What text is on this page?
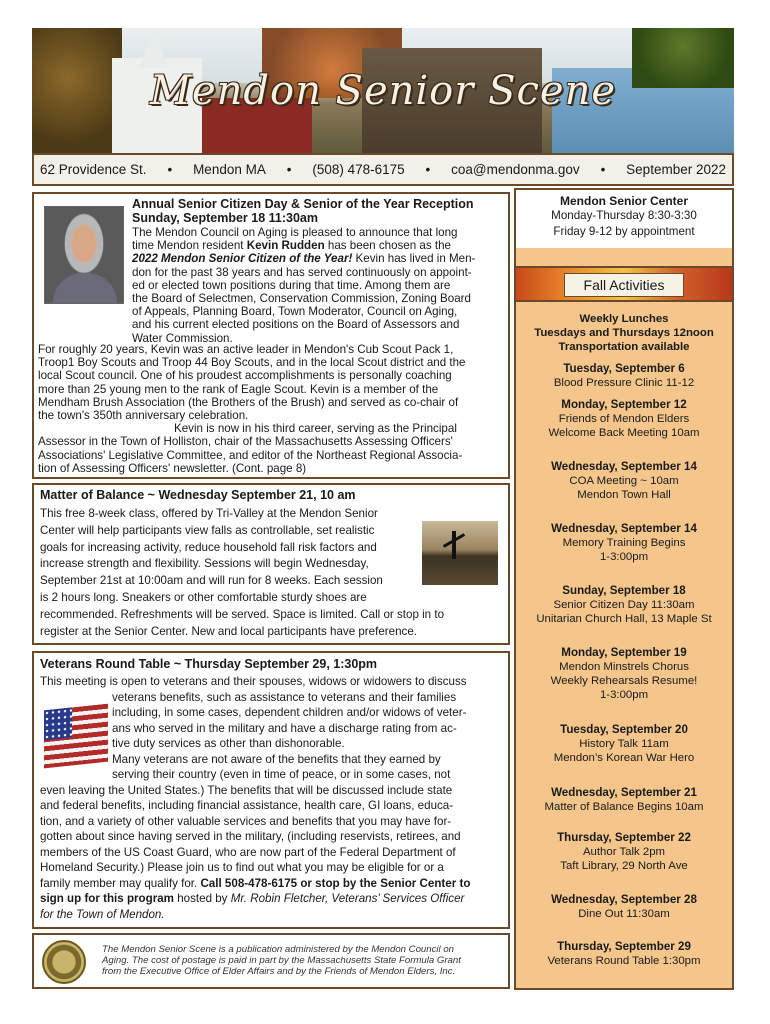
Mendon Senior Scene
62 Providence St. • Mendon MA • (508) 478-6175 • coa@mendonma.gov • September 2022
Annual Senior Citizen Day & Senior of the Year Reception
Sunday, September 18 11:30am
The Mendon Council on Aging is pleased to announce that long
time Mendon resident Kevin Rudden has been chosen as the
2022 Mendon Senior Citizen of the Year! Kevin has lived in Men-
don for the past 38 years and has served continuously on appoint-
ed or elected town positions during that time. Among them are
the Board of Selectmen, Conservation Commission, Zoning Board
of Appeals, Planning Board, Town Moderator, Council on Aging,
and his current elected positions on the Board of Assessors and
Water Commission.
For roughly 20 years, Kevin was an active leader in Mendon's Cub Scout Pack 1,
Troop1 Boy Scouts and Troop 44 Boy Scouts, and in the local Scout district and the
local Scout council. One of his proudest accomplishments is personally coaching
more than 25 young men to the rank of Eagle Scout. Kevin is a member of the
Mendham Brush Association (the Brothers of the Brush) and served as co-chair of
the town's 350th anniversary celebration.
Kevin is now in his third career, serving as the Principal
Assessor in the Town of Holliston, chair of the Massachusetts Assessing Officers'
Associations' Legislative Committee, and editor of the Northeast Regional Associa-
tion of Assessing Officers' newsletter. (Cont. page 8)
Matter of Balance ~ Wednesday September 21, 10 am
This free 8-week class, offered by Tri-Valley at the Mendon Senior
Center will help participants view falls as controllable, set realistic
goals for increasing activity, reduce household fall risk factors and
increase strength and flexibility. Sessions will begin Wednesday,
September 21st at 10:00am and will run for 8 weeks. Each session
is 2 hours long. Sneakers or other comfortable sturdy shoes are
recommended. Refreshments will be served. Space is limited. Call or stop in to
register at the Senior Center. New and local participants have preference.
Veterans Round Table ~ Thursday September 29, 1:30pm
This meeting is open to veterans and their spouses, widows or widowers to discuss
veterans benefits, such as assistance to veterans and their families
including, in some cases, dependent children and/or widows of veter-
ans who served in the military and have a discharge rating from ac-
tive duty services as other than dishonorable.
Many veterans are not aware of the benefits that they earned by
serving their country (even in time of peace, or in some cases, not
even leaving the United States.) The benefits that will be discussed include state
and federal benefits, including financial assistance, health care, GI loans, educa-
tion, and a variety of other valuable services and benefits that you may have for-
gotten about since having served in the military, (including reservists, retirees, and
members of the US Coast Guard, who are now part of the Federal Department of
Homeland Security.) Please join us to find out what you may be eligible for or a
family member may qualify for. Call 508-478-6175 or stop by the Senior Center to
sign up for this program hosted by Mr. Robin Fletcher, Veterans’ Services Officer
for the Town of Mendon.
The Mendon Senior Scene is a publication administered by the Mendon Council on
Aging. The cost of postage is paid in part by the Massachusetts State Formula Grant
from the Executive Office of Elder Affairs and by the Friends of Mendon Elders, Inc.
Mendon Senior Center
Monday-Thursday 8:30-3:30
Friday 9-12 by appointment
Fall Activities
Weekly Lunches
Tuesdays and Thursdays 12noon
Transportation available
Tuesday, September 6
Blood Pressure Clinic 11-12
Monday, September 12
Friends of Mendon Elders
Welcome Back Meeting 10am
Wednesday, September 14
COA Meeting ~ 10am
Mendon Town Hall
Wednesday, September 14
Memory Training Begins
1-3:00pm
Sunday, September 18
Senior Citizen Day 11:30am
Unitarian Church Hall, 13 Maple St
Monday, September 19
Mendon Minstrels Chorus
Weekly Rehearsals Resume!
1-3:00pm
Tuesday, September 20
History Talk 11am
Mendon’s Korean War Hero
Wednesday, September 21
Matter of Balance Begins 10am
Thursday, September 22
Author Talk 2pm
Taft Library, 29 North Ave
Wednesday, September 28
Dine Out 11:30am
Thursday, September 29
Veterans Round Table 1:30pm
